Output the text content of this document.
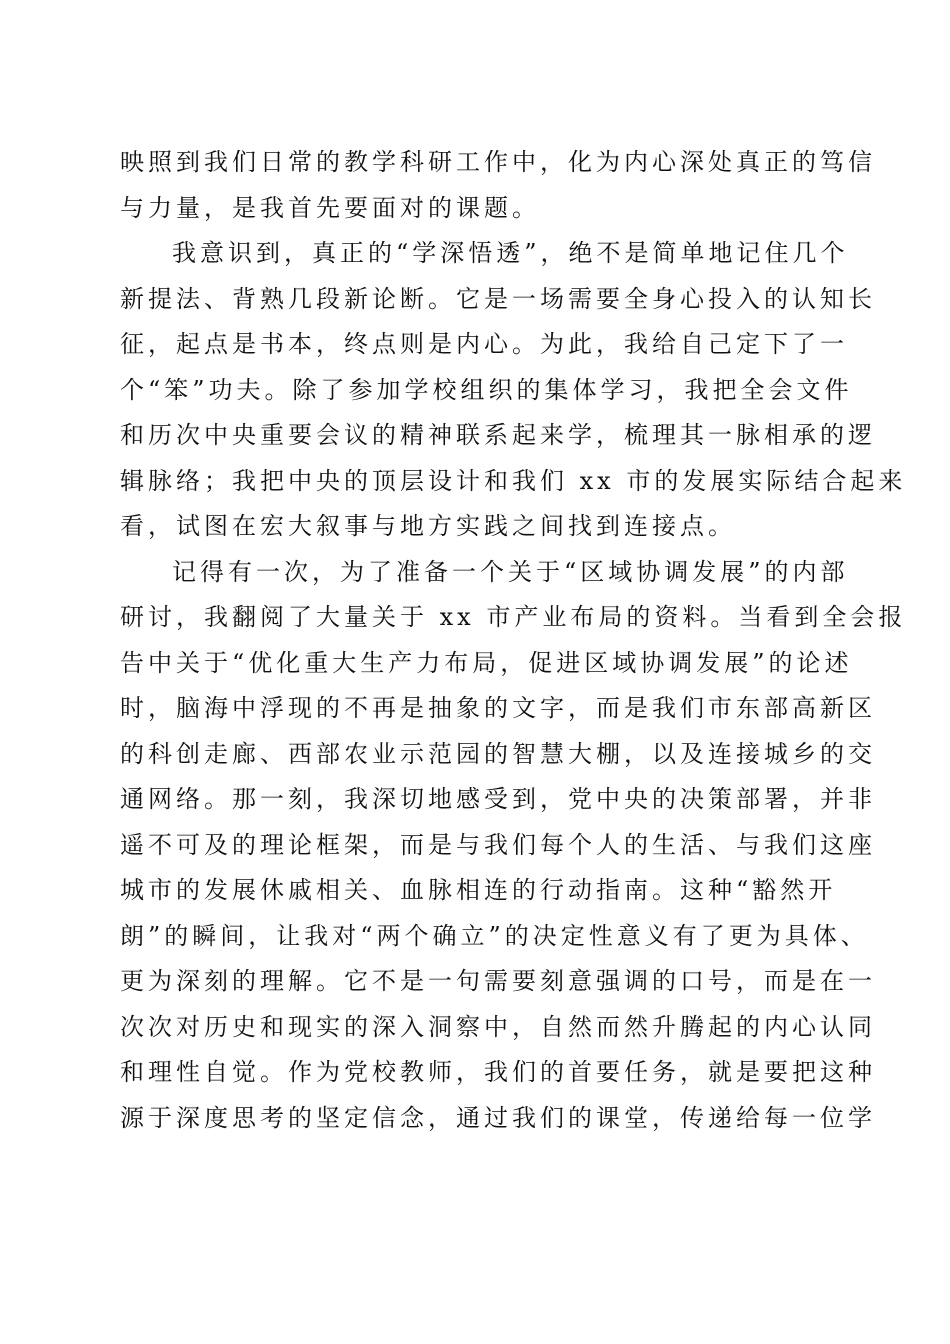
映照到我们日常的教学科研工作中，化为内心深处真正的笃信
与力量，是我首先要面对的课题。
我意识到，真正的“学深悟透”，绝不是简单地记住几个
新提法、背熟几段新论断。它是一场需要全身心投入的认知长
征，起点是书本，终点则是内心。为此，我给自己定下了一
个“笨”功夫。除了参加学校组织的集体学习，我把全会文件
和历次中央重要会议的精神联系起来学，梳理其一脉相承的逻
辑脉络；我把中央的顶层设计和我们 xx 市的发展实际结合起来
看，试图在宏大叙事与地方实践之间找到连接点。
记得有一次，为了准备一个关于“区域协调发展”的内部
研讨，我翻阅了大量关于 xx 市产业布局的资料。当看到全会报
告中关于“优化重大生产力布局，促进区域协调发展”的论述
时，脑海中浮现的不再是抽象的文字，而是我们市东部高新区
的科创走廊、西部农业示范园的智慧大棚，以及连接城乡的交
通网络。那一刻，我深切地感受到，党中央的决策部署，并非
遥不可及的理论框架，而是与我们每个人的生活、与我们这座
城市的发展休戚相关、血脉相连的行动指南。这种“豁然开
朗”的瞬间，让我对“两个确立”的决定性意义有了更为具体、
更为深刻的理解。它不是一句需要刻意强调的口号，而是在一
次次对历史和现实的深入洞察中，自然而然升腾起的内心认同
和理性自觉。作为党校教师，我们的首要任务，就是要把这种
源于深度思考的坚定信念，通过我们的课堂，传递给每一位学
